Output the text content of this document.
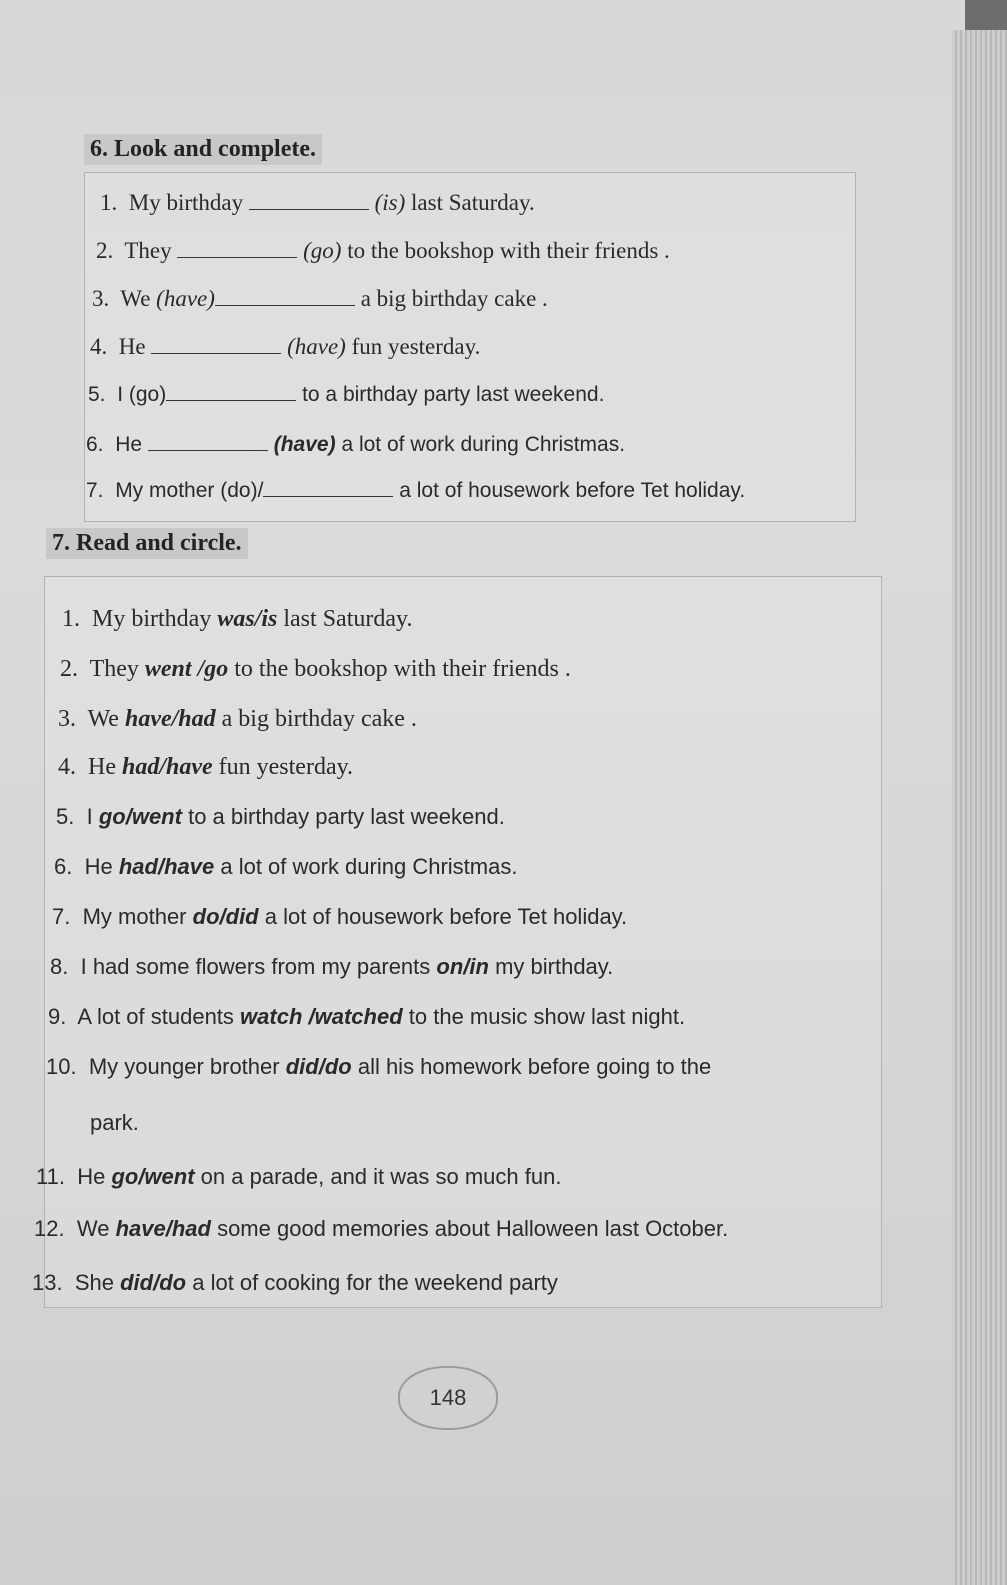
6. Look and complete.
1. My birthday	(is) last Saturday.
2. They	(go) to the bookshop with their friends .
3. We (have)	a big birthday cake .
4. He	(have) fun yesterday.
5. I (go)	to a birthday party last weekend.
6. He	(have) a lot of work during Christmas.
7. My mother (do)/	a lot of housework before Tet holiday.
7. Read and circle.
1. My birthday was/is last Saturday.
2. They went /go to the bookshop with their friends .
3. We have/had a big birthday cake .
4. He had/have fun yesterday.
5. I go/went to a birthday party last weekend.
6. He had/have a lot of work during Christmas.
7. My mother do/did a lot of housework before Tet holiday.
8. I had some flowers from my parents on/in my birthday.
9. A lot of students watch /watched to the music show last night.
10. My younger brother did/do all his homework before going to the
park.
11. He go/went on a parade, and it was so much fun.
12. We have/had some good memories about Halloween last October.
13. She did/do a lot of cooking for the weekend party
148
